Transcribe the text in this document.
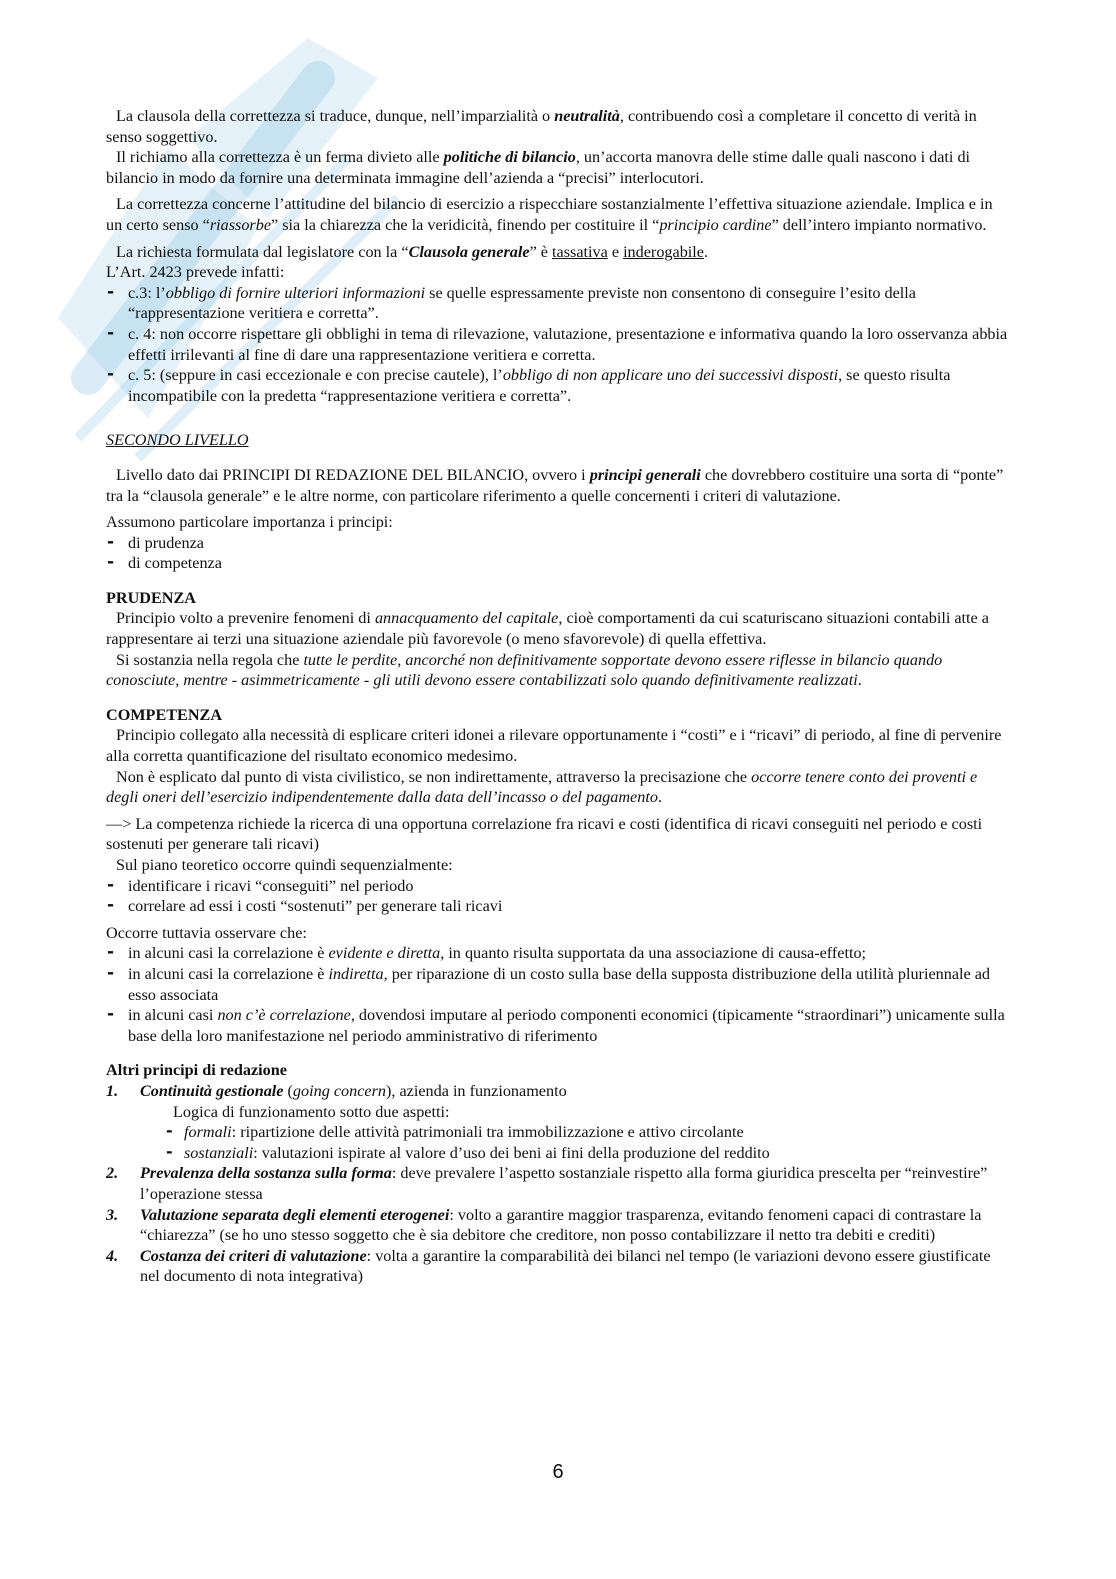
La clausola della correttezza si traduce, dunque, nell’imparzialità o neutralità, contribuendo così a completare il concetto di verità in senso soggettivo.

Il richiamo alla correttezza è un ferma divieto alle politiche di bilancio, un’accorta manovra delle stime dalle quali nascono i dati di bilancio in modo da fornire una determinata immagine dell’azienda a “precisi” interlocutori.

La correttezza concerne l’attitudine del bilancio di esercizio a rispecchiare sostanzialmente l’effettiva situazione aziendale. Implica e in un certo senso “riassorbe” sia la chiarezza che la veridicità, finendo per costituire il “principio cardine” dell’intero impianto normativo.

La richiesta formulata dal legislatore con la “Clausola generale” è tassativa e inderogabile.

L’Art. 2423 prevede infatti:

- c.3: l’obbligo di fornire ulteriori informazioni se quelle espressamente previste non consentono di conseguire l’esito della “rappresentazione veritiera e corretta”.
- c. 4: non occorre rispettare gli obblighi in tema di rilevazione, valutazione, presentazione e informativa quando la loro osservanza abbia effetti irrilevanti al fine di dare una rappresentazione veritiera e corretta.
- c. 5: (seppure in casi eccezionale e con precise cautele), l’obbligo di non applicare uno dei successivi disposti, se questo risulta incompatibile con la predetta “rappresentazione veritiera e corretta”.

SECONDO LIVELLO

Livello dato dai PRINCIPI DI REDAZIONE DEL BILANCIO, ovvero i principi generali che dovrebbero costituire una sorta di “ponte” tra la “clausola generale” e le altre norme, con particolare riferimento a quelle concernenti i criteri di valutazione.

Assumono particolare importanza i principi:

- di prudenza
- di competenza
PRUDENZA

Principio volto a prevenire fenomeni di annacquamento del capitale, cioè comportamenti da cui scaturiscano situazioni contabili atte a rappresentare ai terzi una situazione aziendale più favorevole (o meno sfavorevole) di quella effettiva.

Si sostanzia nella regola che tutte le perdite, ancorché non definitivamente sopportate devono essere riflesse in bilancio quando conosciute, mentre - asimmetricamente - gli utili devono essere contabilizzati solo quando definitivamente realizzati.

COMPETENZA

Principio collegato alla necessità di esplicare criteri idonei a rilevare opportunamente i “costi” e i “ricavi” di periodo, al fine di pervenire alla corretta quantificazione del risultato economico medesimo.

Non è esplicato dal punto di vista civilistico, se non indirettamente, attraverso la precisazione che occorre tenere conto dei proventi e degli oneri dell’esercizio indipendentemente dalla data dell’incasso o del pagamento.

—> La competenza richiede la ricerca di una opportuna correlazione fra ricavi e costi (identifica di ricavi conseguiti nel periodo e costi sostenuti per generare tali ricavi)

Sul piano teoretico occorre quindi sequenzialmente:

- identificare i ricavi “conseguiti” nel periodo
- correlare ad essi i costi “sostenuti” per generare tali ricavi

Occorre tuttavia osservare che:

- in alcuni casi la correlazione è evidente e diretta, in quanto risulta supportata da una associazione di causa-effetto;
- in alcuni casi la correlazione è indiretta, per riparazione di un costo sulla base della supposta distribuzione della utilità pluriennale ad esso associata
- in alcuni casi non c’è correlazione, dovendosi imputare al periodo componenti economici (tipicamente “straordinari”) unicamente sulla base della loro manifestazione nel periodo amministrativo di riferimento
Altri principi di redazione
1. Continuità gestionale (going concern), azienda in funzionamento
Logica di funzionamento sotto due aspetti:
- formali: ripartizione delle attività patrimoniali tra immobilizzazione e attivo circolante
- sostanziali: valutazioni ispirate al valore d’uso dei beni ai fini della produzione del reddito
2. Prevalenza della sostanza sulla forma: deve prevalere l’aspetto sostanziale rispetto alla forma giuridica prescelta per “reinvestire” l’operazione stessa
3. Valutazione separata degli elementi eterogenei: volto a garantire maggior trasparenza, evitando fenomeni capaci di contrastare la “chiarezza” (se ho uno stesso soggetto che è sia debitore che creditore, non posso contabilizzare il netto tra debiti e crediti)
4. Costanza dei criteri di valutazione: volta a garantire la comparabilità dei bilanci nel tempo (le variazioni devono essere giustificate nel documento di nota integrativa)
6
